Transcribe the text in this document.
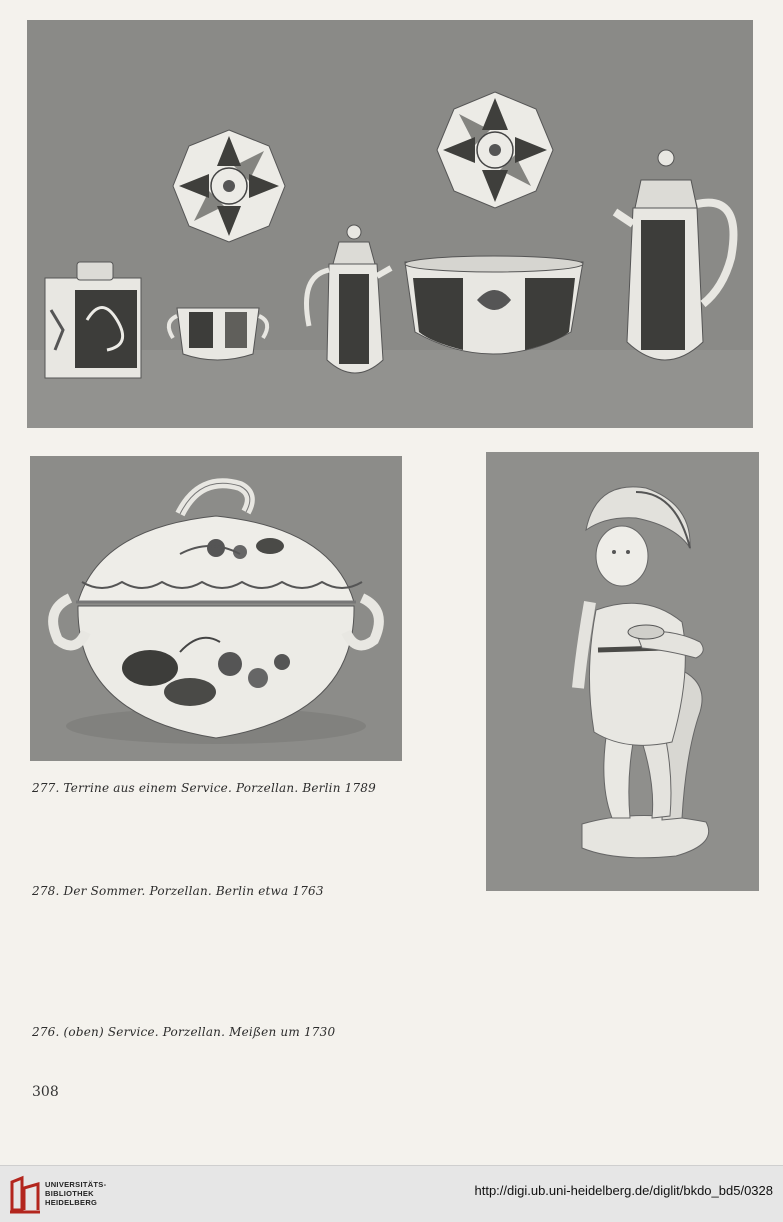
277. Terrine aus einem Service. Porzellan. Berlin 1789
278. Der Sommer. Porzellan. Berlin etwa 1763
276. (oben) Service. Porzellan. Meißen um 1730
308
UNIVERSITÄTS-
BIBLIOTHEK
HEIDELBERG
http://digi.ub.uni-heidelberg.de/diglit/bkdo_bd5/0328
